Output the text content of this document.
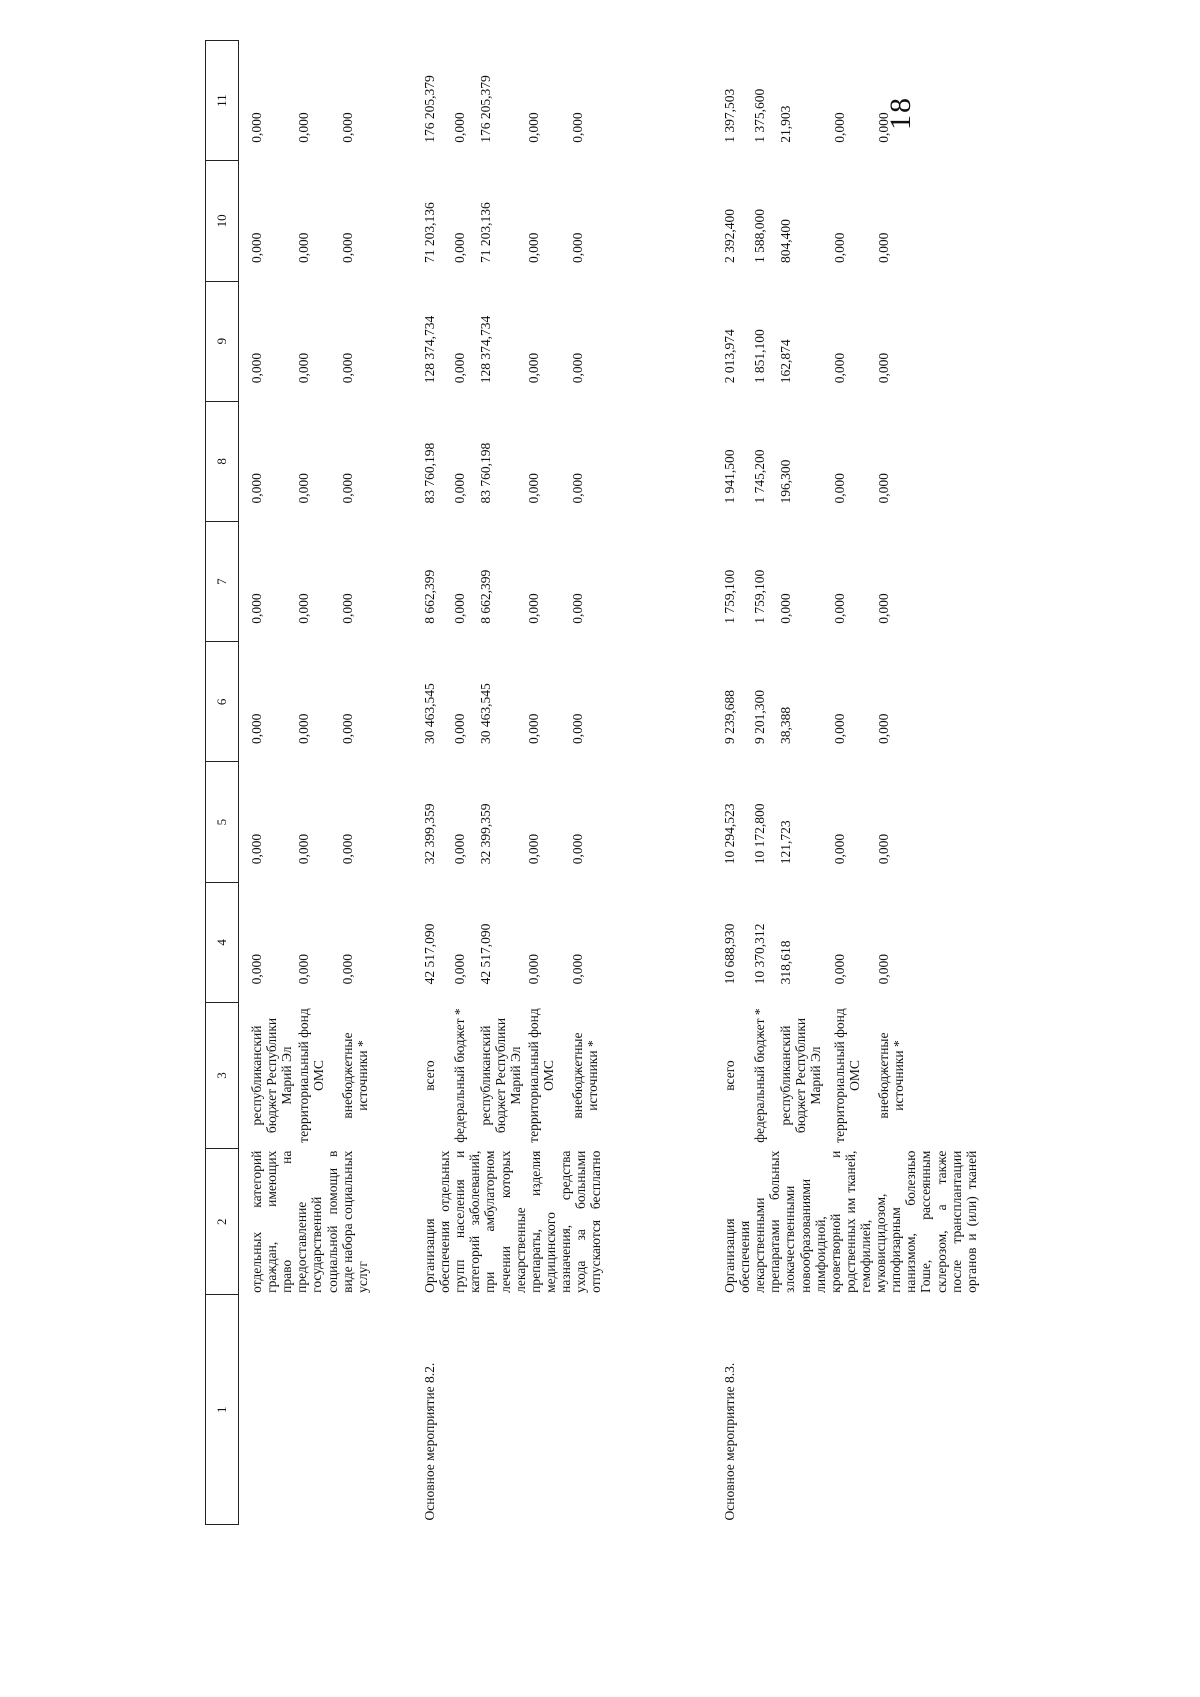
18
1	2	3	4	5	6	7	8	9	10	11
	отдельных категорий граждан, имеющих право на предоставление государственной социальной помощи в виде набора социальных услуг	республиканский бюджет Республики Марий Эл	0,000	0,000	0,000	0,000	0,000	0,000	0,000	0,000
		территориальный фонд ОМС	0,000	0,000	0,000	0,000	0,000	0,000	0,000	0,000
		внебюджетные источники *	0,000	0,000	0,000	0,000	0,000	0,000	0,000	0,000
Основное мероприятие 8.2.	Организация обеспечения отдельных групп населения и категорий заболеваний, при амбулаторном лечении которых лекарственные препараты, изделия медицинского назначения, средства ухода за больными отпускаются бесплатно	всего	42 517,090	32 399,359	30 463,545	8 662,399	83 760,198	128 374,734	71 203,136	176 205,379
		федеральный бюджет *	0,000	0,000	0,000	0,000	0,000	0,000	0,000	0,000
		республиканский бюджет Республики Марий Эл	42 517,090	32 399,359	30 463,545	8 662,399	83 760,198	128 374,734	71 203,136	176 205,379
		территориальный фонд ОМС	0,000	0,000	0,000	0,000	0,000	0,000	0,000	0,000
		внебюджетные источники *	0,000	0,000	0,000	0,000	0,000	0,000	0,000	0,000
Основное мероприятие 8.3.	Организация обеспечения лекарственными препаратами больных злокачественными новообразованиями лимфоидной, кроветворной и родственных им тканей, гемофилией, муковисцидозом, гипофизарным нанизмом, болезнью Гоше, рассеянным склерозом, а также после трансплантации органов и (или) тканей	всего	10 688,930	10 294,523	9 239,688	1 759,100	1 941,500	2 013,974	2 392,400	1 397,503
		федеральный бюджет *	10 370,312	10 172,800	9 201,300	1 759,100	1 745,200	1 851,100	1 588,000	1 375,600
		республиканский бюджет Республики Марий Эл	318,618	121,723	38,388	0,000	196,300	162,874	804,400	21,903
		территориальный фонд ОМС	0,000	0,000	0,000	0,000	0,000	0,000	0,000	0,000
		внебюджетные источники *	0,000	0,000	0,000	0,000	0,000	0,000	0,000	0,000
